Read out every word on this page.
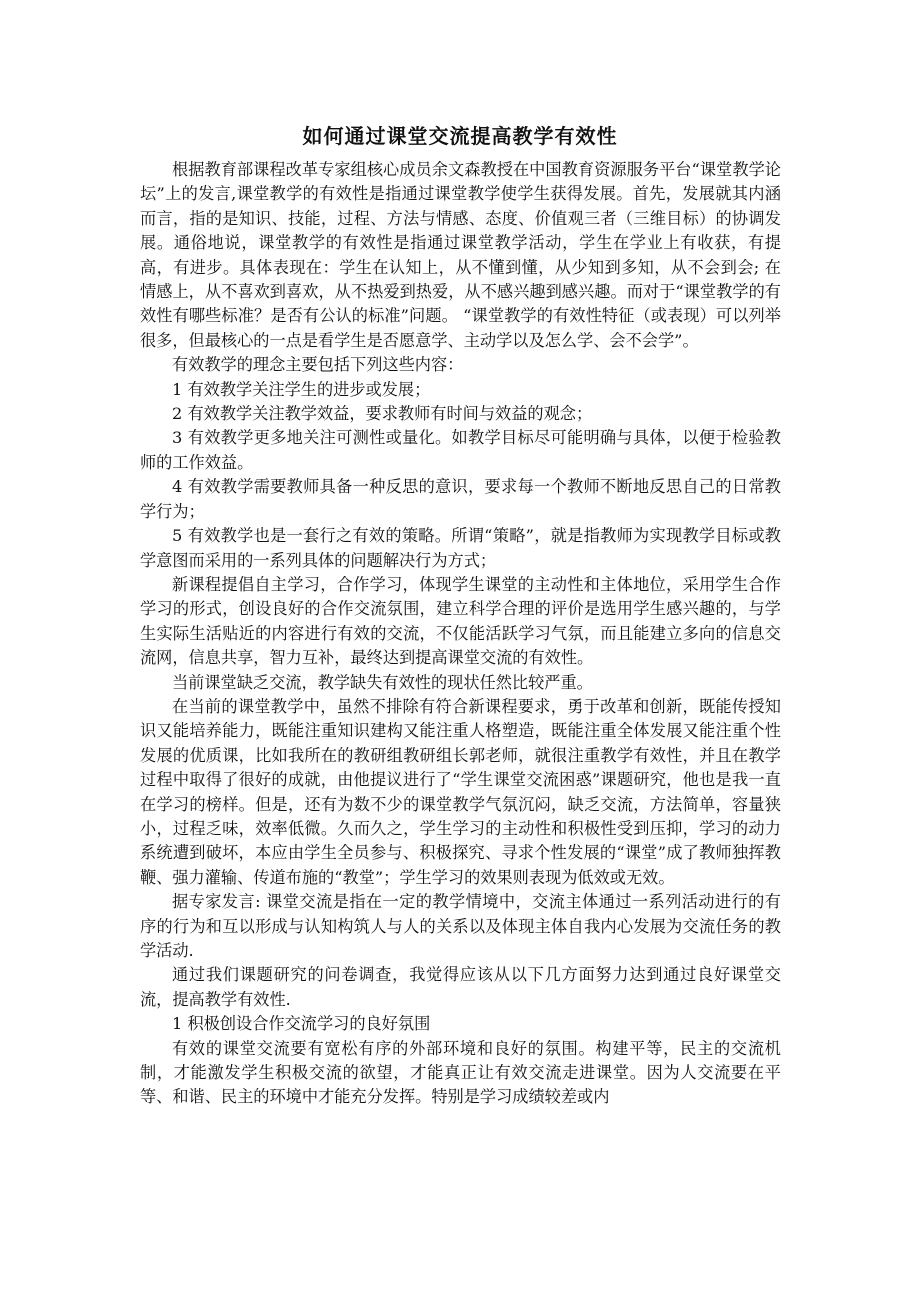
如何通过课堂交流提高教学有效性

根据教育部课程改革专家组核心成员余文森教授在中国教育资源服务平台“课堂教学论坛”上的发言,课堂教学的有效性是指通过课堂教学使学生获得发展。首先，发展就其内涵而言，指的是知识、技能，过程、方法与情感、态度、价值观三者（三维目标）的协调发展。通俗地说，课堂教学的有效性是指通过课堂教学活动，学生在学业上有收获，有提高，有进步。具体表现在：学生在认知上，从不懂到懂，从少知到多知，从不会到会; 在情感上，从不喜欢到喜欢，从不热爱到热爱，从不感兴趣到感兴趣。而对于“课堂教学的有效性有哪些标准？是否有公认的标准”问题。 “课堂教学的有效性特征（或表现）可以列举很多，但最核心的一点是看学生是否愿意学、主动学以及怎么学、会不会学”。

有效教学的理念主要包括下列这些内容：

1 有效教学关注学生的进步或发展；

2 有效教学关注教学效益，要求教师有时间与效益的观念；

3 有效教学更多地关注可测性或量化。如教学目标尽可能明确与具体，以便于检验教师的工作效益。

4 有效教学需要教师具备一种反思的意识，要求每一个教师不断地反思自己的日常教学行为；

5 有效教学也是一套行之有效的策略。所谓“策略”，就是指教师为实现教学目标或教学意图而采用的一系列具体的问题解决行为方式；

新课程提倡自主学习，合作学习，体现学生课堂的主动性和主体地位，采用学生合作学习的形式，创设良好的合作交流氛围，建立科学合理的评价是选用学生感兴趣的，与学生实际生活贴近的内容进行有效的交流，不仅能活跃学习气氛，而且能建立多向的信息交流网，信息共享，智力互补，最终达到提高课堂交流的有效性。

当前课堂缺乏交流，教学缺失有效性的现状任然比较严重。

在当前的课堂教学中，虽然不排除有符合新课程要求，勇于改革和创新，既能传授知识又能培养能力，既能注重知识建构又能注重人格塑造，既能注重全体发展又能注重个性发展的优质课，比如我所在的教研组教研组长郭老师，就很注重教学有效性，并且在教学过程中取得了很好的成就，由他提议进行了“学生课堂交流困惑”课题研究，他也是我一直在学习的榜样。但是，还有为数不少的课堂教学气氛沉闷，缺乏交流，方法简单，容量狭小，过程乏味，效率低微。久而久之，学生学习的主动性和积极性受到压抑，学习的动力系统遭到破坏，本应由学生全员参与、积极探究、寻求个性发展的“课堂”成了教师独挥教鞭、强力灌输、传道布施的“教堂”；学生学习的效果则表现为低效或无效。

据专家发言: 课堂交流是指在一定的教学情境中，交流主体通过一系列活动进行的有序的行为和互以形成与认知构筑人与人的关系以及体现主体自我内心发展为交流任务的教学活动.

通过我们课题研究的问卷调查，我觉得应该从以下几方面努力达到通过良好课堂交流，提高教学有效性.

1 积极创设合作交流学习的良好氛围

有效的课堂交流要有宽松有序的外部环境和良好的氛围。构建平等，民主的交流机制，才能激发学生积极交流的欲望，才能真正让有效交流走进课堂。因为人交流要在平等、和谐、民主的环境中才能充分发挥。特别是学习成绩较差或内
